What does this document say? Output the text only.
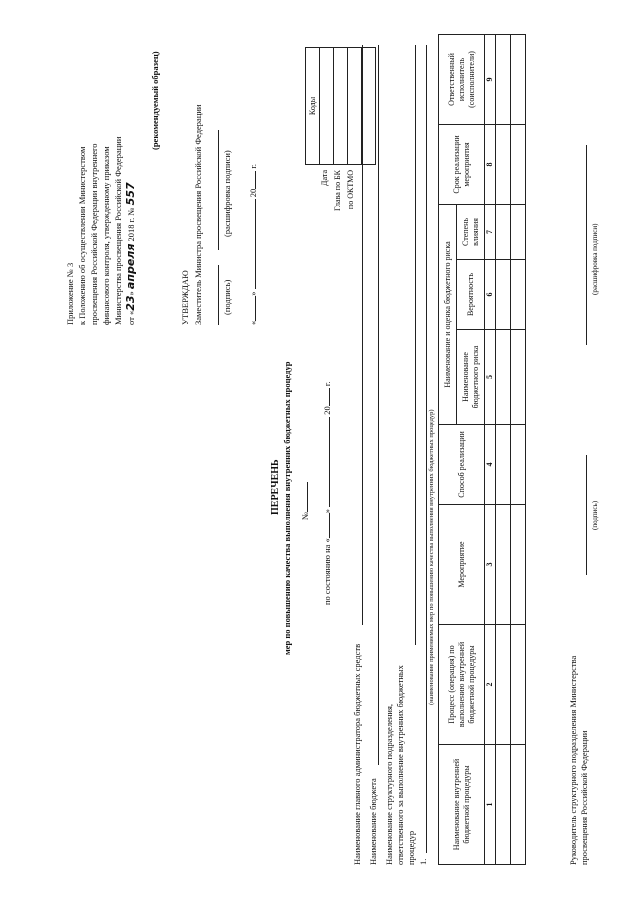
Приложение № 3 к Положению об осуществлении Министерством просвещения Российской Федерации внутреннего финансового контроля, утвержденному приказом Министерства просвещения Российской Федерации от «23» апреля 2018 г. № 557
(рекомендуемый образец)
УТВЕРЖДАЮ Заместитель Министра просвещения Российской Федерации (подпись)
(расшифровка подписи)
«»  20 г.
ПЕРЕЧЕНЬ мер по повышению качества выполнения внутренних бюджетных процедур №
по состоянию на «»  20 г.
Дата Глава по БК по ОКТМО
Коды

Наименование главного администратора бюджетных средств Наименование бюджета Наименование структурного подразделения, ответственного за выполнение внутренних бюджетных процедур 1.
(наименование применяемых мер по повышению качества выполнения внутренних бюджетных процедур)
Наименование внутренней бюджетной процедуры	Процесс (операция) по выполнению внутренней бюджетной процедуры	Мероприятие	Способ реализации	Наименование и оценка бюджетного риска			Срок реализации мероприятия	Ответственный исполнитель (соисполнители)
				Наименование бюджетного риска	Вероятность	Степень влияния		
1	2	3	4	5	6	7	8	9

Руководитель структурного подразделения Министерства просвещения Российской Федерации
(подпись)
(расшифровка подписи)
